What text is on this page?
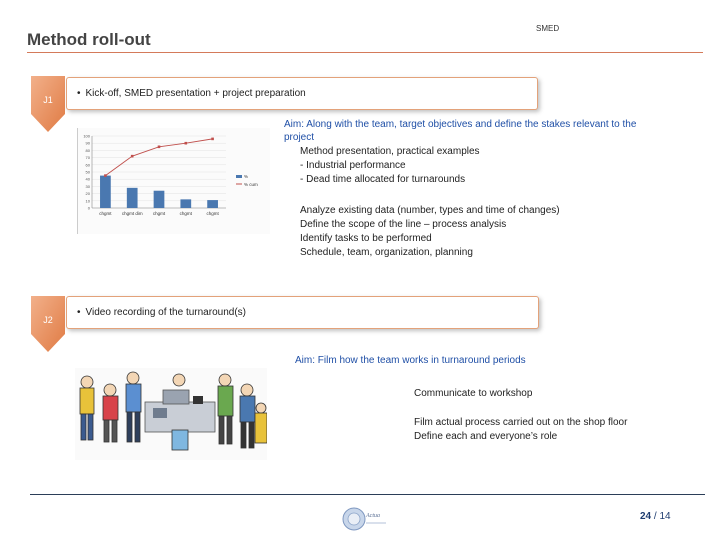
Method roll-out
SMED
J1
• Kick-off, SMED presentation + project preparation
Aim: Along with the team, target objectives and define the stakes relevant to the
project
Method presentation, practical examples
- Industrial performance
- Dead time allocated for turnarounds
Analyze existing data (number, types and time of changes)
Define the scope of the line – process analysis
Identify tasks to be performed
Schedule, team, organization, planning
100
90
80
70
60
50
40
30
20
10
0
chgmt chgmt dim chgmt	chgmt	chgmt
%
% cum
J2
• Video recording of the turnaround(s)
Aim: Film how the team works in turnaround periods
Communicate to workshop
Film actual process carried out on the shop floor
Define each and everyone’s role
Actua	24 / 14
